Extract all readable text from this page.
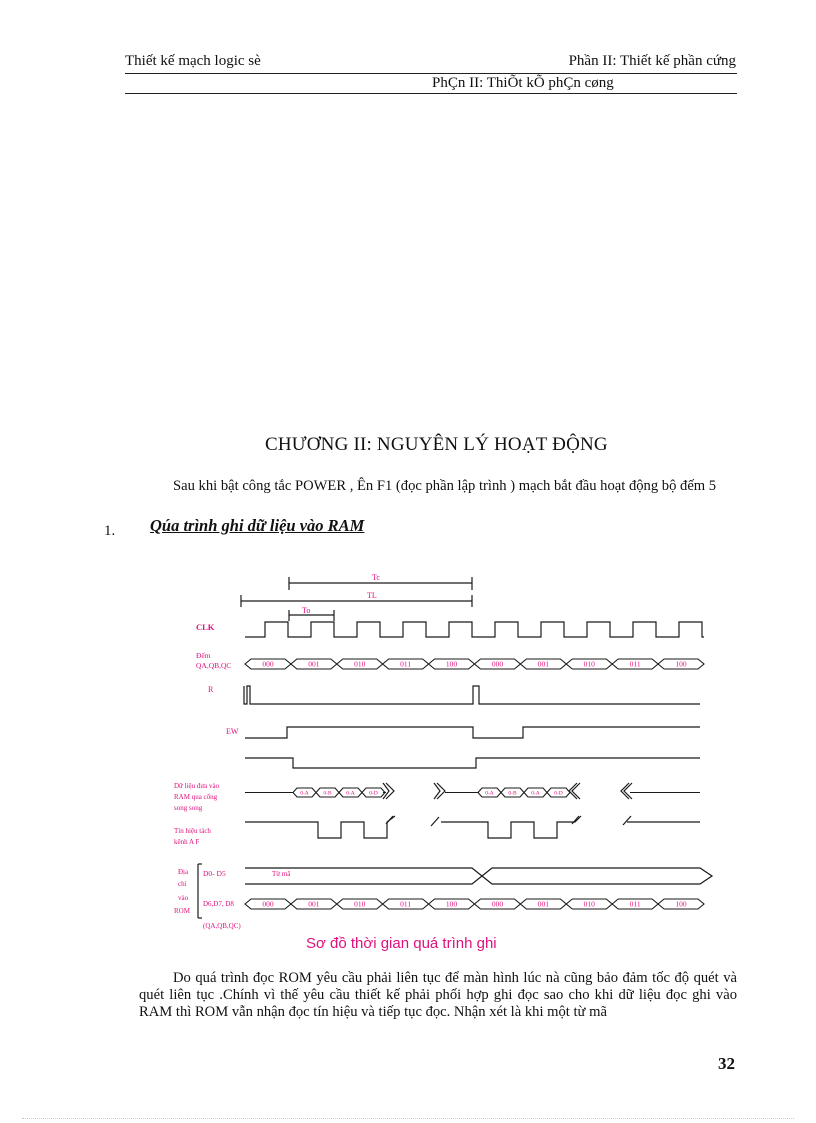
Thiết kế mạch logic sè	Phần II: Thiết kế phần cứng
PhÇn II: ThiÕt kÕ phÇn cøng
CHƯƠNG II: NGUYÊN LÝ HOẠT ĐỘNG
Sau khi bật công tắc POWER , Ên F1 (đọc phần lập trình ) mạch bắt đầu hoạt động bộ đếm 5
1. Qúa trình ghi dữ liệu vào RAM
Tc
TL
To
CLK
Đếm
QA,QB,QC
R
EW
Dữ liệu đưa vào
RAM qua cổng
song song
Tín hiệu tách
kênh A F
Địa
chỉ
vào
ROM
D0- D5	Từ mã
D6,D7, D8
(QA,QB,QC)
000	001	010	011	100	000	001	010	011	100
0-A	0-B	0-A	0-D	0-A	0-B	0-A	0-D
000	001	010	011	100	000	001	010	011	100
Sơ đồ thời gian quá trình ghi
Do quá trình đọc ROM yêu cầu phải liên tục để màn hình lúc nà cũng bảo đảm tốc độ quét và quét liên tục .Chính vì thế yêu cầu thiết kế phải phối hợp ghi đọc sao cho khi dữ liệu đọc ghi vào RAM thì ROM vẫn nhận đọc tín hiệu và tiếp tục đọc. Nhận xét là khi một từ mã
32
